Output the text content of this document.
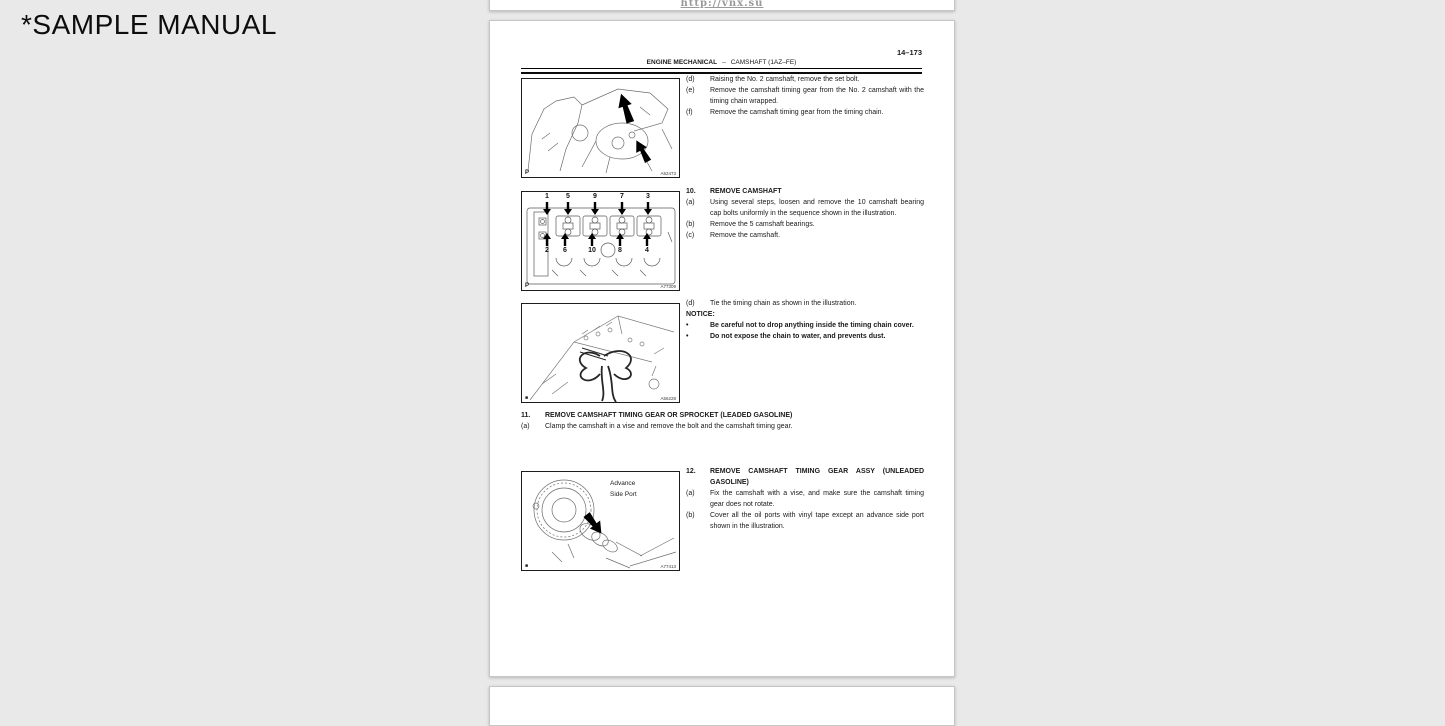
*SAMPLE MANUAL
http://vnx.su
14–173
ENGINE MECHANICAL – CAMSHAFT (1AZ–FE)
P	A52473
1 5	9	7	3
2 6	10	8	4
P	A77309
■	A56228
Advance
Side Port
■	A77413
(d)	Raising the No. 2 camshaft, remove the set bolt.
(e)	Remove the camshaft timing gear from the No. 2 camshaft with the timing chain wrapped.
(f)	Remove the camshaft timing gear from the timing chain.
10.	REMOVE CAMSHAFT
(a)	Using several steps, loosen and remove the 10 camshaft bearing cap bolts uniformly in the sequence shown in the illustration.
(b)	Remove the 5 camshaft bearings.
(c)	Remove the camshaft.
(d)	Tie the timing chain as shown in the illustration.
NOTICE:
•	Be careful not to drop anything inside the timing chain cover.
•	Do not expose the chain to water, and prevents dust.
11.	REMOVE CAMSHAFT TIMING GEAR OR SPROCKET (LEADED GASOLINE)
(a)	Clamp the camshaft in a vise and remove the bolt and the camshaft timing gear.
12.	REMOVE CAMSHAFT TIMING GEAR ASSY (UNLEADED GASOLINE)
(a)	Fix the camshaft with a vise, and make sure the camshaft timing gear does not rotate.
(b)	Cover all the oil ports with vinyl tape except an advance side port shown in the illustration.
